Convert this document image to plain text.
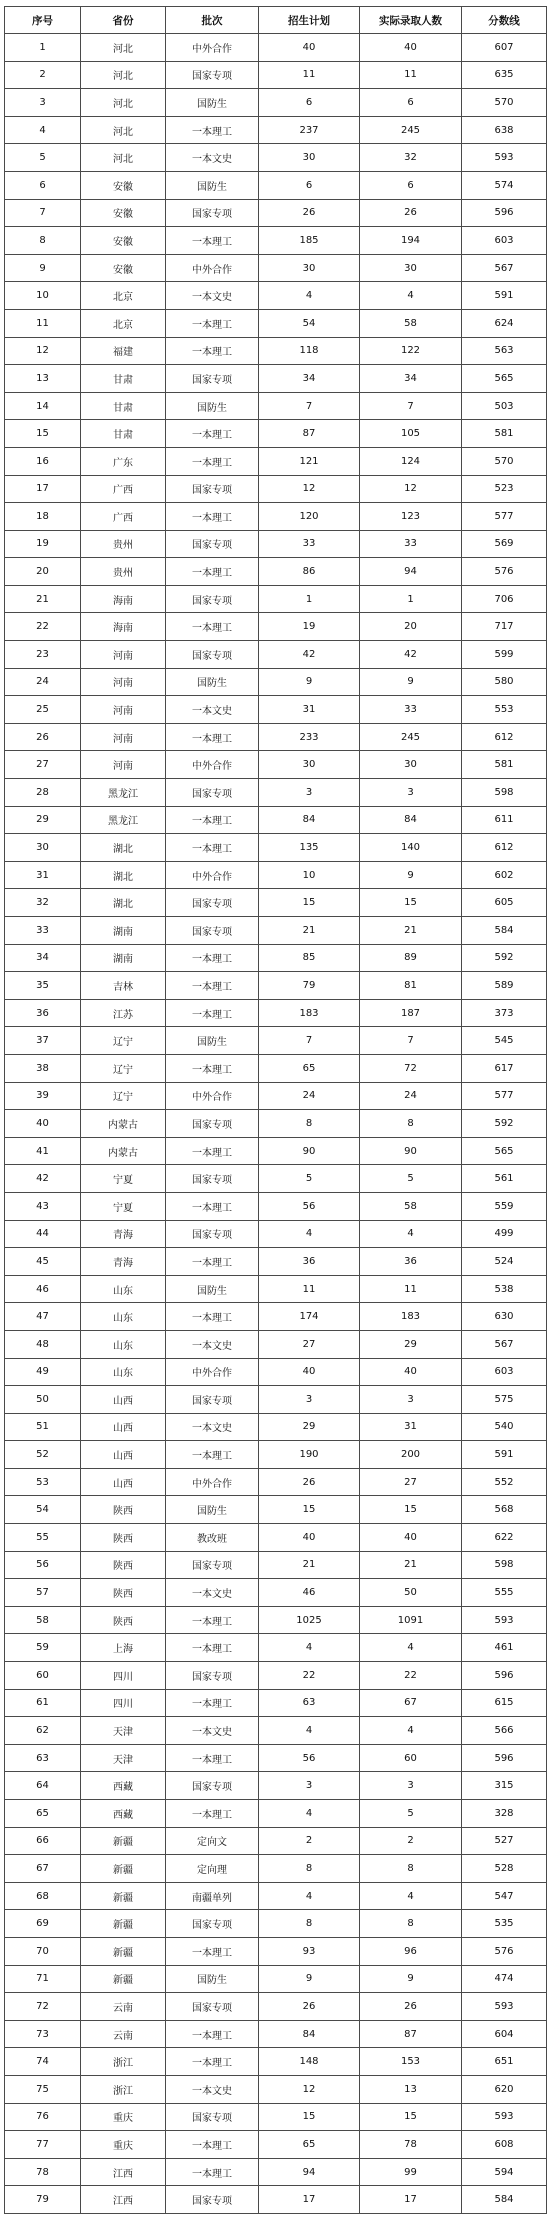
序号	省份	批次	招生计划	实际录取人数	分数线
1	河北	中外合作	40	40	607
2	河北	国家专项	11	11	635
3	河北	国防生	6	6	570
4	河北	一本理工	237	245	638
5	河北	一本文史	30	32	593
6	安徽	国防生	6	6	574
7	安徽	国家专项	26	26	596
8	安徽	一本理工	185	194	603
9	安徽	中外合作	30	30	567
10	北京	一本文史	4	4	591
11	北京	一本理工	54	58	624
12	福建	一本理工	118	122	563
13	甘肃	国家专项	34	34	565
14	甘肃	国防生	7	7	503
15	甘肃	一本理工	87	105	581
16	广东	一本理工	121	124	570
17	广西	国家专项	12	12	523
18	广西	一本理工	120	123	577
19	贵州	国家专项	33	33	569
20	贵州	一本理工	86	94	576
21	海南	国家专项	1	1	706
22	海南	一本理工	19	20	717
23	河南	国家专项	42	42	599
24	河南	国防生	9	9	580
25	河南	一本文史	31	33	553
26	河南	一本理工	233	245	612
27	河南	中外合作	30	30	581
28	黑龙江	国家专项	3	3	598
29	黑龙江	一本理工	84	84	611
30	湖北	一本理工	135	140	612
31	湖北	中外合作	10	9	602
32	湖北	国家专项	15	15	605
33	湖南	国家专项	21	21	584
34	湖南	一本理工	85	89	592
35	吉林	一本理工	79	81	589
36	江苏	一本理工	183	187	373
37	辽宁	国防生	7	7	545
38	辽宁	一本理工	65	72	617
39	辽宁	中外合作	24	24	577
40	内蒙古	国家专项	8	8	592
41	内蒙古	一本理工	90	90	565
42	宁夏	国家专项	5	5	561
43	宁夏	一本理工	56	58	559
44	青海	国家专项	4	4	499
45	青海	一本理工	36	36	524
46	山东	国防生	11	11	538
47	山东	一本理工	174	183	630
48	山东	一本文史	27	29	567
49	山东	中外合作	40	40	603
50	山西	国家专项	3	3	575
51	山西	一本文史	29	31	540
52	山西	一本理工	190	200	591
53	山西	中外合作	26	27	552
54	陕西	国防生	15	15	568
55	陕西	教改班	40	40	622
56	陕西	国家专项	21	21	598
57	陕西	一本文史	46	50	555
58	陕西	一本理工	1025	1091	593
59	上海	一本理工	4	4	461
60	四川	国家专项	22	22	596
61	四川	一本理工	63	67	615
62	天津	一本文史	4	4	566
63	天津	一本理工	56	60	596
64	西藏	国家专项	3	3	315
65	西藏	一本理工	4	5	328
66	新疆	定向文	2	2	527
67	新疆	定向理	8	8	528
68	新疆	南疆单列	4	4	547
69	新疆	国家专项	8	8	535
70	新疆	一本理工	93	96	576
71	新疆	国防生	9	9	474
72	云南	国家专项	26	26	593
73	云南	一本理工	84	87	604
74	浙江	一本理工	148	153	651
75	浙江	一本文史	12	13	620
76	重庆	国家专项	15	15	593
77	重庆	一本理工	65	78	608
78	江西	一本理工	94	99	594
79	江西	国家专项	17	17	584
